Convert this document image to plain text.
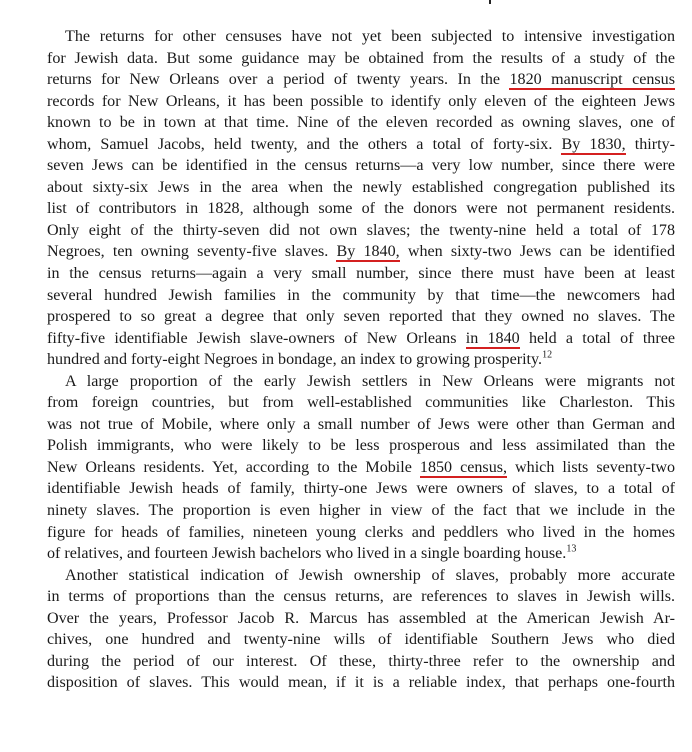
The returns for other censuses have not yet been subjected to intensive investigation
for Jewish data. But some guidance may be obtained from the results of a study of the
returns for New Orleans over a period of twenty years. In the 1820 manuscript census
records for New Orleans, it has been possible to identify only eleven of the eighteen Jews
known to be in town at that time. Nine of the eleven recorded as owning slaves, one of
whom, Samuel Jacobs, held twenty, and the others a total of forty-six. By 1830, thirty-
seven Jews can be identified in the census returns—a very low number, since there were
about sixty-six Jews in the area when the newly established congregation published its
list of contributors in 1828, although some of the donors were not permanent residents.
Only eight of the thirty-seven did not own slaves; the twenty-nine held a total of 178
Negroes, ten owning seventy-five slaves. By 1840, when sixty-two Jews can be identified
in the census returns—again a very small number, since there must have been at least
several hundred Jewish families in the community by that time—the newcomers had
prospered to so great a degree that only seven reported that they owned no slaves. The
fifty-five identifiable Jewish slave-owners of New Orleans in 1840 held a total of three
hundred and forty-eight Negroes in bondage, an index to growing prosperity.$^{12}$
A large proportion of the early Jewish settlers in New Orleans were migrants not
from foreign countries, but from well-established communities like Charleston. This
was not true of Mobile, where only a small number of Jews were other than German and
Polish immigrants, who were likely to be less prosperous and less assimilated than the
New Orleans residents. Yet, according to the Mobile 1850 census, which lists seventy-two
identifiable Jewish heads of family, thirty-one Jews were owners of slaves, to a total of
ninety slaves. The proportion is even higher in view of the fact that we include in the
figure for heads of families, nineteen young clerks and peddlers who lived in the homes
of relatives, and fourteen Jewish bachelors who lived in a single boarding house.$^{13}$
Another statistical indication of Jewish ownership of slaves, probably more accurate
in terms of proportions than the census returns, are references to slaves in Jewish wills.
Over the years, Professor Jacob R. Marcus has assembled at the American Jewish Ar-
chives, one hundred and twenty-nine wills of identifiable Southern Jews who died
during the period of our interest. Of these, thirty-three refer to the ownership and
disposition of slaves. This would mean, if it is a reliable index, that perhaps one-fourth
